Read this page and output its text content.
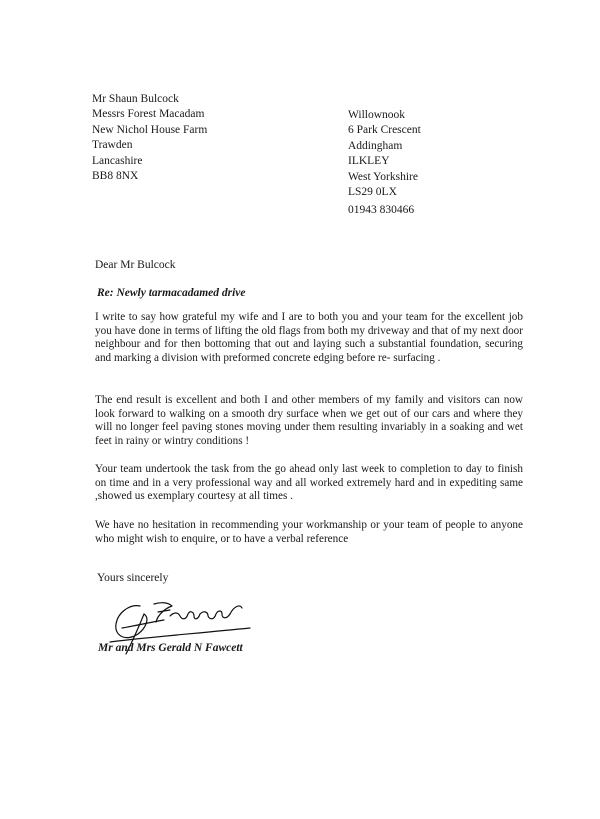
Mr Shaun Bulcock
Messrs Forest Macadam
New Nichol House Farm
Trawden
Lancashire
BB8 8NX
Willownook
6 Park Crescent
Addingham
ILKLEY
West Yorkshire
LS29 0LX
01943 830466
Dear Mr Bulcock
Re: Newly tarmacadamed drive

I write to say how grateful my wife and I are to both you and your team for the excellent job you have done in terms of lifting the old flags from both my driveway and that of my next door neighbour and for then bottoming that out and laying such a substantial foundation, securing and marking a division with preformed concrete edging before re- surfacing .

The end result is excellent and both I and other members of my family and visitors can now look forward to walking on a smooth dry surface when we get out of our cars and where they will no longer feel paving stones moving under them resulting invariably in a soaking and wet feet in rainy or wintry conditions !

Your team undertook the task from the go ahead only last week to completion to day to finish on time and in a very professional way and all worked extremely hard and in expediting same ,showed us exemplary courtesy at all times .

We have no hesitation in recommending your workmanship or your team of people to anyone who might wish to enquire, or to have a verbal reference

Yours sincerely
Mr and Mrs Gerald N Fawcett
